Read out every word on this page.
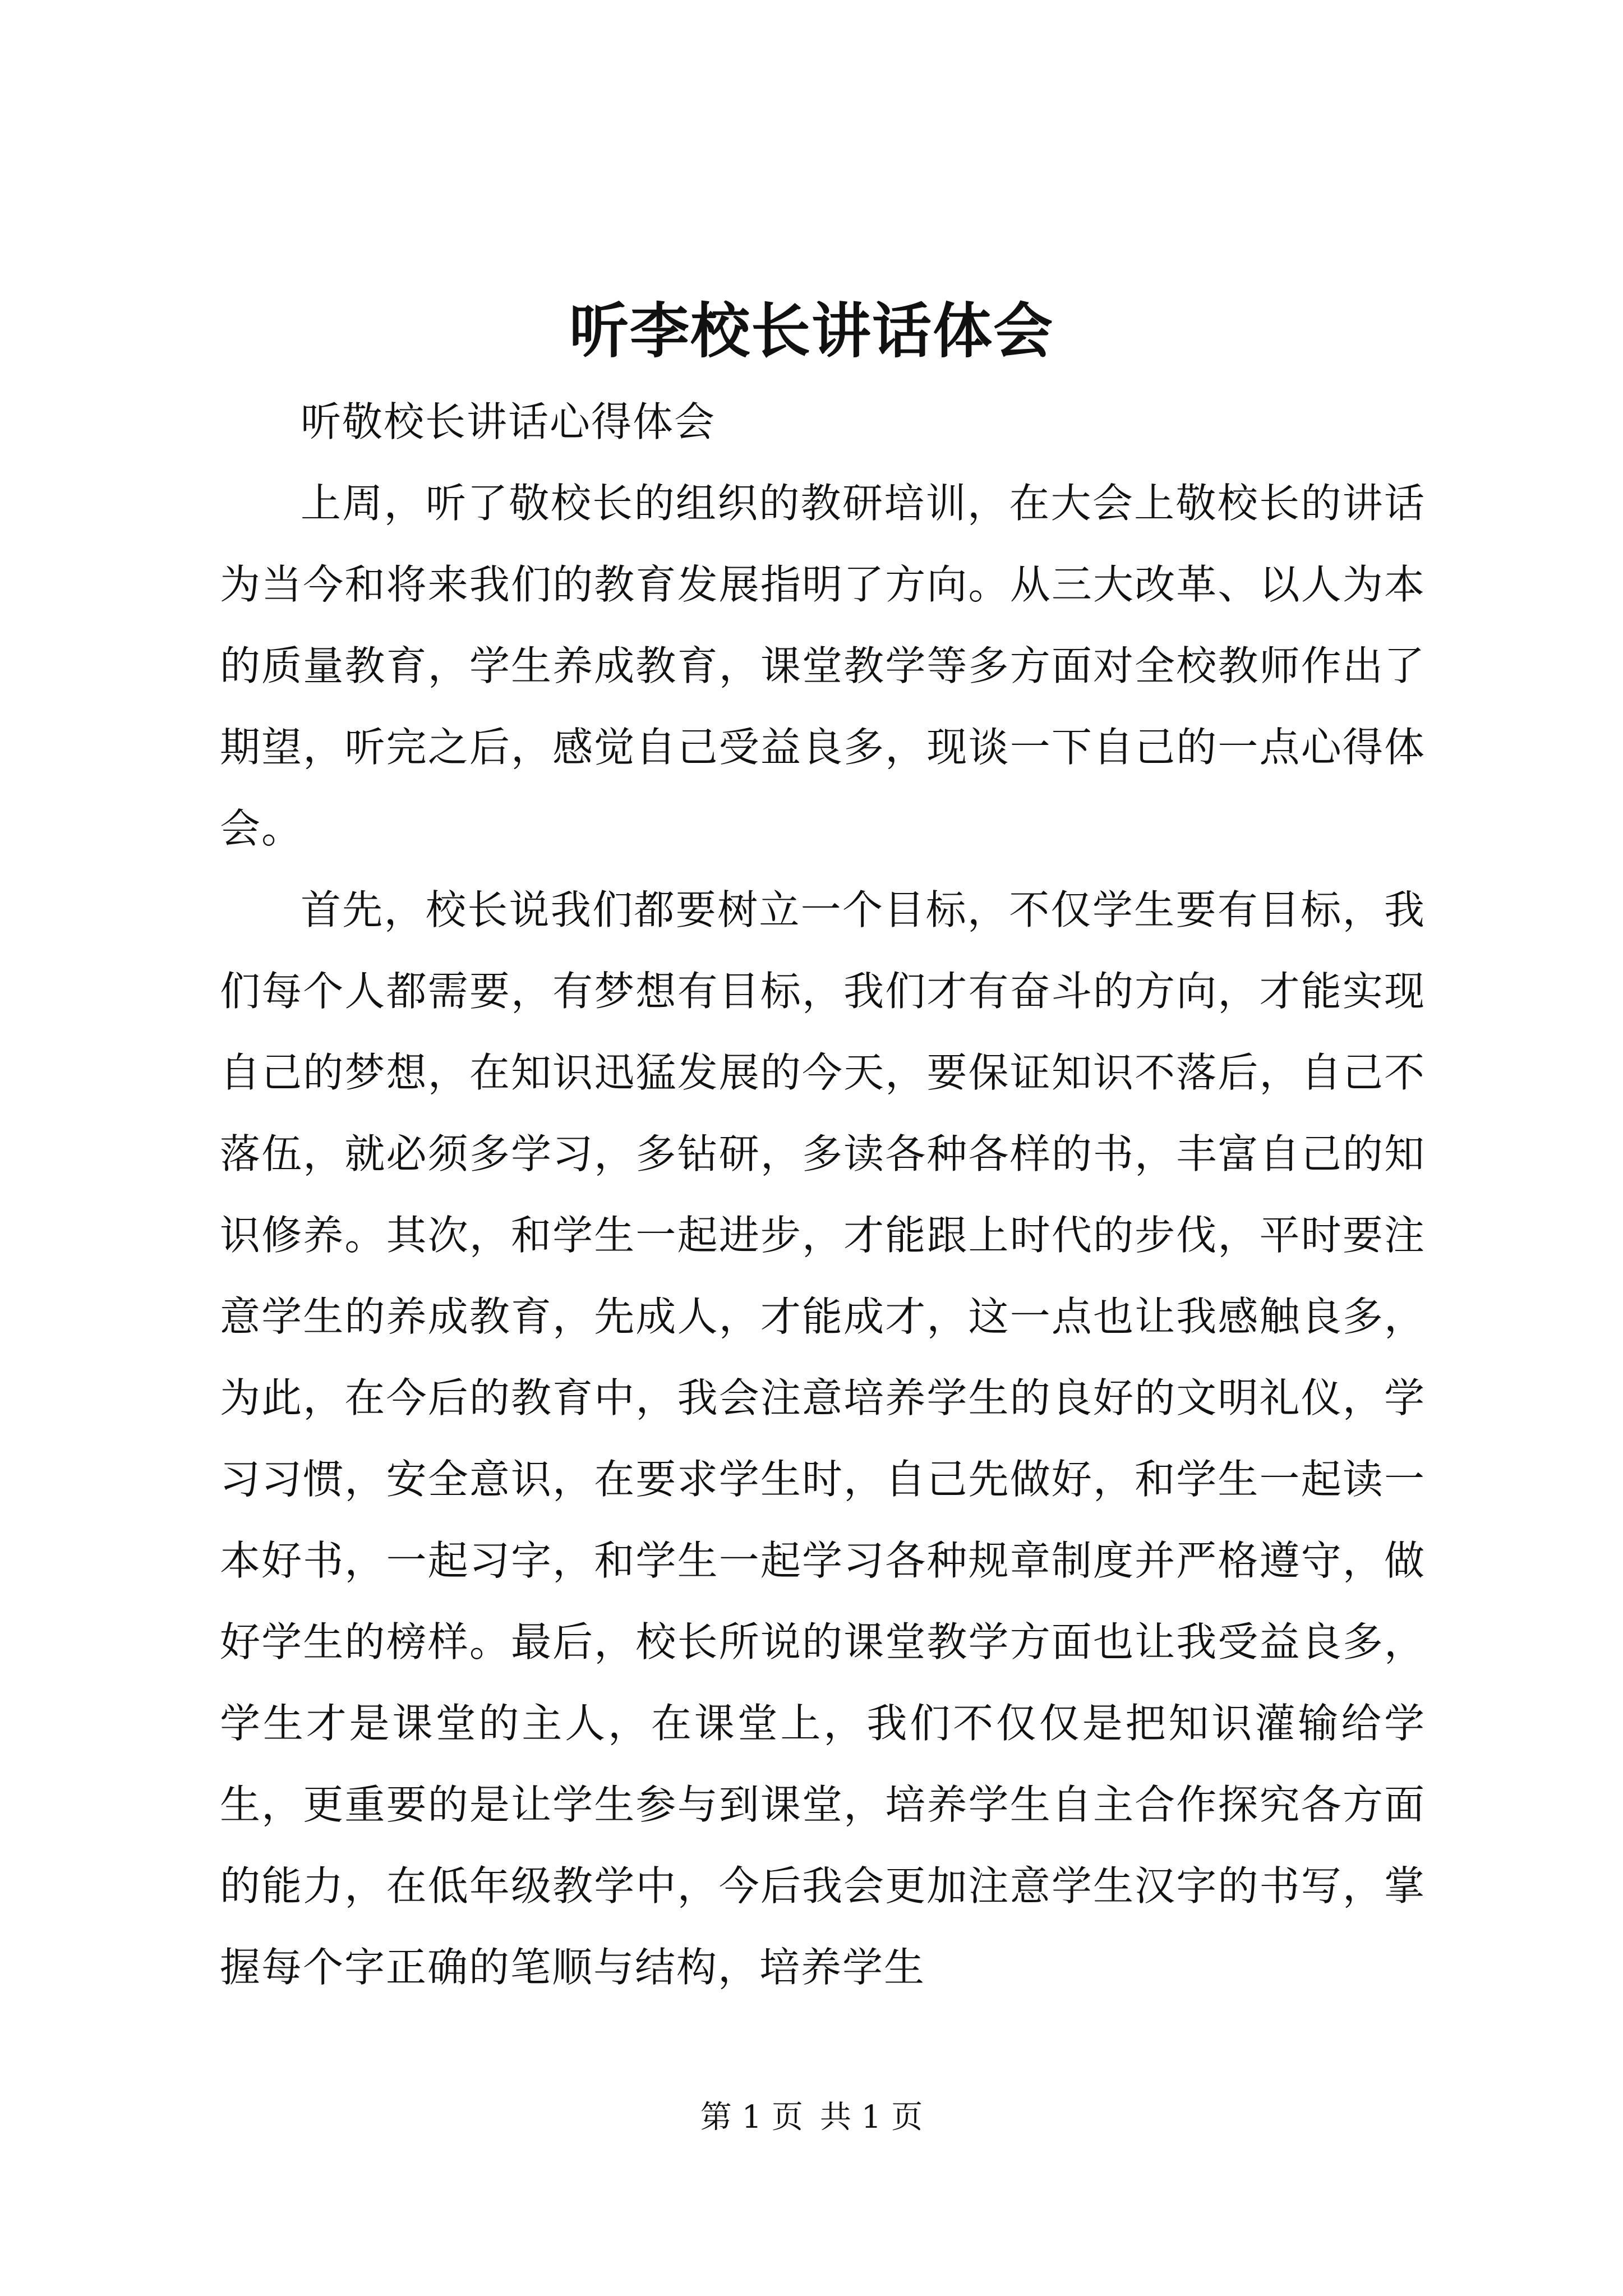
听李校长讲话体会

听敬校长讲话心得体会

上周，听了敬校长的组织的教研培训，在大会上敬校长的讲话为当今和将来我们的教育发展指明了方向。从三大改革、以人为本的质量教育，学生养成教育，课堂教学等多方面对全校教师作出了期望，听完之后，感觉自己受益良多，现谈一下自己的一点心得体会。

首先，校长说我们都要树立一个目标，不仅学生要有目标，我们每个人都需要，有梦想有目标，我们才有奋斗的方向，才能实现自己的梦想，在知识迅猛发展的今天，要保证知识不落后，自己不落伍，就必须多学习，多钻研，多读各种各样的书，丰富自己的知识修养。其次，和学生一起进步，才能跟上时代的步伐，平时要注意学生的养成教育，先成人，才能成才，这一点也让我感触良多，为此，在今后的教育中，我会注意培养学生的良好的文明礼仪，学习习惯，安全意识，在要求学生时，自己先做好，和学生一起读一本好书，一起习字，和学生一起学习各种规章制度并严格遵守，做好学生的榜样。最后，校长所说的课堂教学方面也让我受益良多，学生才是课堂的主人，在课堂上，我们不仅仅是把知识灌输给学生，更重要的是让学生参与到课堂，培养学生自主合作探究各方面的能力，在低年级教学中，今后我会更加注意学生汉字的书写，掌握每个字正确的笔顺与结构，培养学生

第 1 页 共 1 页
